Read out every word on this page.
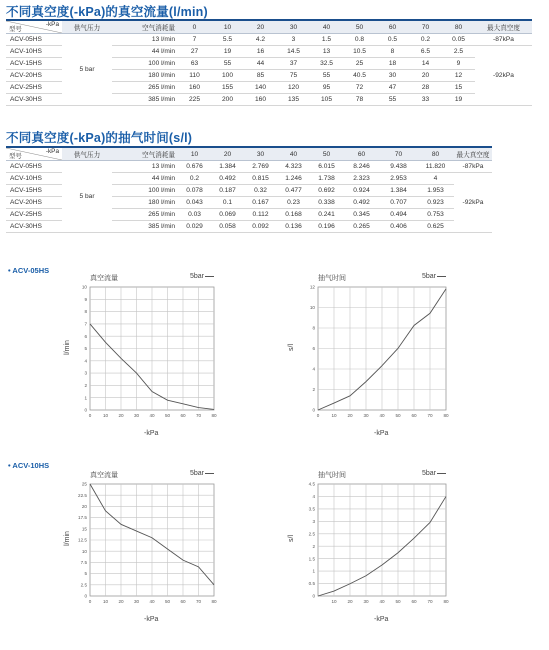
不同真空度(-kPa)的真空流量(l/min)
-kPa
型号	供气压力	空气消耗量	0	10	20	30	40	50	60	70	80	最大真空度
ACV-05HS	5 bar	13 l/min	7	5.5	4.2	3	1.5	0.8	0.5	0.2	0.05	-87kPa
ACV-10HS		44 l/min	27	19	16	14.5	13	10.5	8	6.5	2.5	-92kPa
ACV-15HS		100 l/min	63	55	44	37	32.5	25	18	14	9	
ACV-20HS		180 l/min	110	100	85	75	55	40.5	30	20	12	
ACV-25HS		265 l/min	160	155	140	120	95	72	47	28	15	
ACV-30HS		385 l/min	225	200	160	135	105	78	55	33	19	
不同真空度(-kPa)的抽气时间(s/l)
-kPa
型号	供气压力	空气消耗量	10	20	30	40	50	60	70	80	最大真空度
ACV-05HS	5 bar	13 l/min	0.676	1.384	2.769	4.323	6.015	8.246	9.438	11.820	-87kPa
ACV-10HS		44 l/min	0.2	0.492	0.815	1.246	1.738	2.323	2.953	4	-92kPa
ACV-15HS		100 l/min	0.078	0.187	0.32	0.477	0.692	0.924	1.384	1.953	
ACV-20HS		180 l/min	0.043	0.1	0.167	0.23	0.338	0.492	0.707	0.923	
ACV-25HS		265 l/min	0.03	0.069	0.112	0.168	0.241	0.345	0.494	0.753	
ACV-30HS		385 l/min	0.029	0.058	0.092	0.136	0.196	0.265	0.406	0.625	
• ACV-05HS
• ACV-10HS
真空流量	5bar
l/min
-kPa
0
1
2
3
4
5
6
7
8
9
10
0	10 20 30 40 50 60 70 80
抽气时间	5bar
s/l
-kPa
0
2
4
6
8
10
12
0	10 20 30 40 50 60 70 80
真空流量	5bar
l/min
-kPa
0
2.5
5
7.5
10
12.5
15
17.5
20
22.5
25
0	10 20 30 40 50 60 70 80
抽气时间	5bar
s/l
-kPa
0
0.5
1
1.5
2
2.5
3
3.5
4
4.5
10 20 30 40 50 60 70 80
